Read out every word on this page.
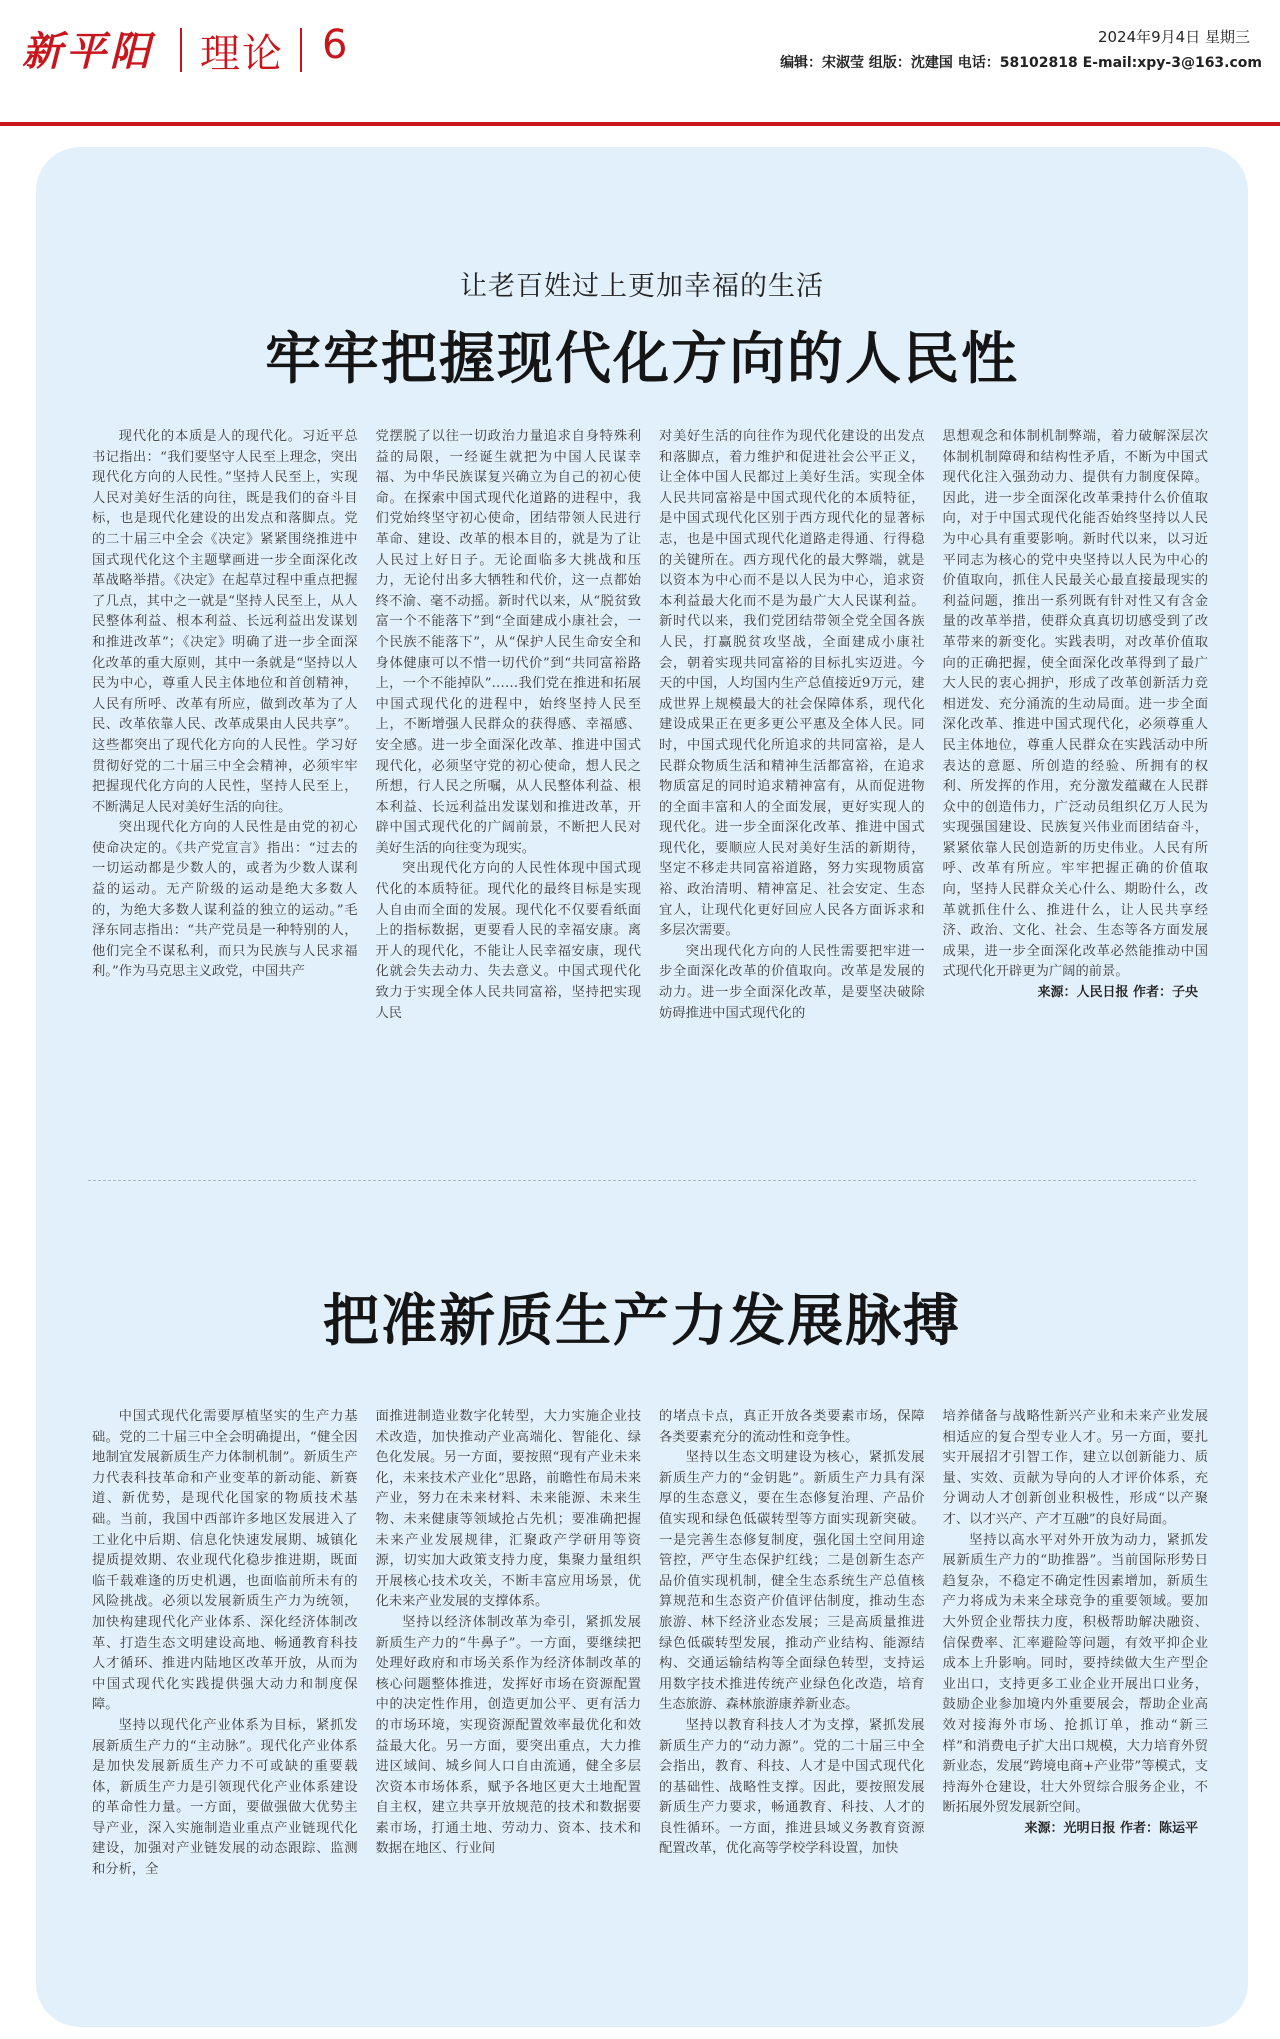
新平阳 理论 6	2024年9月4日 星期三
编辑：宋淑莹 组版：沈建国 电话：58102818 E-mail:xpy-3@163.com
让老百姓过上更加幸福的生活
牢牢把握现代化方向的人民性

现代化的本质是人的现代化。习近平总书记指出：“我们要坚守人民至上理念，突出现代化方向的人民性。”坚持人民至上，实现人民对美好生活的向往，既是我们的奋斗目标，也是现代化建设的出发点和落脚点。党的二十届三中全会《决定》紧紧围绕推进中国式现代化这个主题擘画进一步全面深化改革战略举措。《决定》在起草过程中重点把握了几点，其中之一就是“坚持人民至上，从人民整体利益、根本利益、长远利益出发谋划和推进改革”；《决定》明确了进一步全面深化改革的重大原则，其中一条就是“坚持以人民为中心，尊重人民主体地位和首创精神，人民有所呼、改革有所应，做到改革为了人民、改革依靠人民、改革成果由人民共享”。这些都突出了现代化方向的人民性。学习好贯彻好党的二十届三中全会精神，必须牢牢把握现代化方向的人民性，坚持人民至上，不断满足人民对美好生活的向往。

突出现代化方向的人民性是由党的初心使命决定的。《共产党宣言》指出：“过去的一切运动都是少数人的，或者为少数人谋利益的运动。无产阶级的运动是绝大多数人的，为绝大多数人谋利益的独立的运动。”毛泽东同志指出：“共产党员是一种特别的人，他们完全不谋私利，而只为民族与人民求福利。”作为马克思主义政党，中国共产

党摆脱了以往一切政治力量追求自身特殊利益的局限，一经诞生就把为中国人民谋幸福、为中华民族谋复兴确立为自己的初心使命。在探索中国式现代化道路的进程中，我们党始终坚守初心使命，团结带领人民进行革命、建设、改革的根本目的，就是为了让人民过上好日子。无论面临多大挑战和压力，无论付出多大牺牲和代价，这一点都始终不渝、毫不动摇。新时代以来，从“脱贫致富一个不能落下”到“全面建成小康社会，一个民族不能落下”，从“保护人民生命安全和身体健康可以不惜一切代价”到“共同富裕路上，一个不能掉队”……我们党在推进和拓展中国式现代化的进程中，始终坚持人民至上，不断增强人民群众的获得感、幸福感、安全感。进一步全面深化改革、推进中国式现代化，必须坚守党的初心使命，想人民之所想，行人民之所嘱，从人民整体利益、根本利益、长远利益出发谋划和推进改革，开辟中国式现代化的广阔前景，不断把人民对美好生活的向往变为现实。

突出现代化方向的人民性体现中国式现代化的本质特征。现代化的最终目标是实现人自由而全面的发展。现代化不仅要看纸面上的指标数据，更要看人民的幸福安康。离开人的现代化，不能让人民幸福安康，现代化就会失去动力、失去意义。中国式现代化致力于实现全体人民共同富裕，坚持把实现人民

对美好生活的向往作为现代化建设的出发点和落脚点，着力维护和促进社会公平正义，让全体中国人民都过上美好生活。实现全体人民共同富裕是中国式现代化的本质特征，是中国式现代化区别于西方现代化的显著标志，也是中国式现代化道路走得通、行得稳的关键所在。西方现代化的最大弊端，就是以资本为中心而不是以人民为中心，追求资本利益最大化而不是为最广大人民谋利益。新时代以来，我们党团结带领全党全国各族人民，打赢脱贫攻坚战，全面建成小康社会，朝着实现共同富裕的目标扎实迈进。今天的中国，人均国内生产总值接近9万元，建成世界上规模最大的社会保障体系，现代化建设成果正在更多更公平惠及全体人民。同时，中国式现代化所追求的共同富裕，是人民群众物质生活和精神生活都富裕，在追求物质富足的同时追求精神富有，从而促进物的全面丰富和人的全面发展，更好实现人的现代化。进一步全面深化改革、推进中国式现代化，要顺应人民对美好生活的新期待，坚定不移走共同富裕道路，努力实现物质富裕、政治清明、精神富足、社会安定、生态宜人，让现代化更好回应人民各方面诉求和多层次需要。

突出现代化方向的人民性需要把牢进一步全面深化改革的价值取向。改革是发展的动力。进一步全面深化改革，是要坚决破除妨碍推进中国式现代化的

思想观念和体制机制弊端，着力破解深层次体制机制障碍和结构性矛盾，不断为中国式现代化注入强劲动力、提供有力制度保障。因此，进一步全面深化改革秉持什么价值取向，对于中国式现代化能否始终坚持以人民为中心具有重要影响。新时代以来，以习近平同志为核心的党中央坚持以人民为中心的价值取向，抓住人民最关心最直接最现实的利益问题，推出一系列既有针对性又有含金量的改革举措，使群众真真切切感受到了改革带来的新变化。实践表明，对改革价值取向的正确把握，使全面深化改革得到了最广大人民的衷心拥护，形成了改革创新活力竞相迸发、充分涌流的生动局面。进一步全面深化改革、推进中国式现代化，必须尊重人民主体地位，尊重人民群众在实践活动中所表达的意愿、所创造的经验、所拥有的权利、所发挥的作用，充分激发蕴藏在人民群众中的创造伟力，广泛动员组织亿万人民为实现强国建设、民族复兴伟业而团结奋斗，紧紧依靠人民创造新的历史伟业。人民有所呼、改革有所应。牢牢把握正确的价值取向，坚持人民群众关心什么、期盼什么，改革就抓住什么、推进什么，让人民共享经济、政治、文化、社会、生态等各方面发展成果，进一步全面深化改革必然能推动中国式现代化开辟更为广阔的前景。

来源：人民日报 作者：子央

把准新质生产力发展脉搏

中国式现代化需要厚植坚实的生产力基础。党的二十届三中全会明确提出，“健全因地制宜发展新质生产力体制机制”。新质生产力代表科技革命和产业变革的新动能、新赛道、新优势，是现代化国家的物质技术基础。当前，我国中西部许多地区发展进入了工业化中后期、信息化快速发展期、城镇化提质提效期、农业现代化稳步推进期，既面临千载难逢的历史机遇，也面临前所未有的风险挑战。必须以发展新质生产力为统领，加快构建现代化产业体系、深化经济体制改革、打造生态文明建设高地、畅通教育科技人才循环、推进内陆地区改革开放，从而为中国式现代化实践提供强大动力和制度保障。

坚持以现代化产业体系为目标，紧抓发展新质生产力的“主动脉”。现代化产业体系是加快发展新质生产力不可或缺的重要载体，新质生产力是引领现代化产业体系建设的革命性力量。一方面，要做强做大优势主导产业，深入实施制造业重点产业链现代化建设，加强对产业链发展的动态跟踪、监测和分析，全

面推进制造业数字化转型，大力实施企业技术改造，加快推动产业高端化、智能化、绿色化发展。另一方面，要按照“现有产业未来化，未来技术产业化”思路，前瞻性布局未来产业，努力在未来材料、未来能源、未来生物、未来健康等领域抢占先机；要准确把握未来产业发展规律，汇聚政产学研用等资源，切实加大政策支持力度，集聚力量组织开展核心技术攻关，不断丰富应用场景，优化未来产业发展的支撑体系。

坚持以经济体制改革为牵引，紧抓发展新质生产力的“牛鼻子”。一方面，要继续把处理好政府和市场关系作为经济体制改革的核心问题整体推进，发挥好市场在资源配置中的决定性作用，创造更加公平、更有活力的市场环境，实现资源配置效率最优化和效益最大化。另一方面，要突出重点，大力推进区域间、城乡间人口自由流通，健全多层次资本市场体系，赋予各地区更大土地配置自主权，建立共享开放规范的技术和数据要素市场，打通土地、劳动力、资本、技术和数据在地区、行业间

的堵点卡点，真正开放各类要素市场，保障各类要素充分的流动性和竞争性。

坚持以生态文明建设为核心，紧抓发展新质生产力的“金钥匙”。新质生产力具有深厚的生态意义，要在生态修复治理、产品价值实现和绿色低碳转型等方面实现新突破。一是完善生态修复制度，强化国土空间用途管控，严守生态保护红线；二是创新生态产品价值实现机制，健全生态系统生产总值核算规范和生态资产价值评估制度，推动生态旅游、林下经济业态发展；三是高质量推进绿色低碳转型发展，推动产业结构、能源结构、交通运输结构等全面绿色转型，支持运用数字技术推进传统产业绿色化改造，培育生态旅游、森林旅游康养新业态。

坚持以教育科技人才为支撑，紧抓发展新质生产力的“动力源”。党的二十届三中全会指出，教育、科技、人才是中国式现代化的基础性、战略性支撑。因此，要按照发展新质生产力要求，畅通教育、科技、人才的良性循环。一方面，推进县域义务教育资源配置改革，优化高等学校学科设置，加快

培养储备与战略性新兴产业和未来产业发展相适应的复合型专业人才。另一方面，要扎实开展招才引智工作，建立以创新能力、质量、实效、贡献为导向的人才评价体系，充分调动人才创新创业积极性，形成“以产聚才、以才兴产、产才互融”的良好局面。

坚持以高水平对外开放为动力，紧抓发展新质生产力的“助推器”。当前国际形势日趋复杂，不稳定不确定性因素增加，新质生产力将成为未来全球竞争的重要领域。要加大外贸企业帮扶力度，积极帮助解决融资、信保费率、汇率避险等问题，有效平抑企业成本上升影响。同时，要持续做大生产型企业出口，支持更多工业企业开展出口业务，鼓励企业参加境内外重要展会，帮助企业高效对接海外市场、抢抓订单，推动“新三样”和消费电子扩大出口规模，大力培育外贸新业态，发展“跨境电商+产业带”等模式，支持海外仓建设，壮大外贸综合服务企业，不断拓展外贸发展新空间。

来源：光明日报 作者：陈运平
